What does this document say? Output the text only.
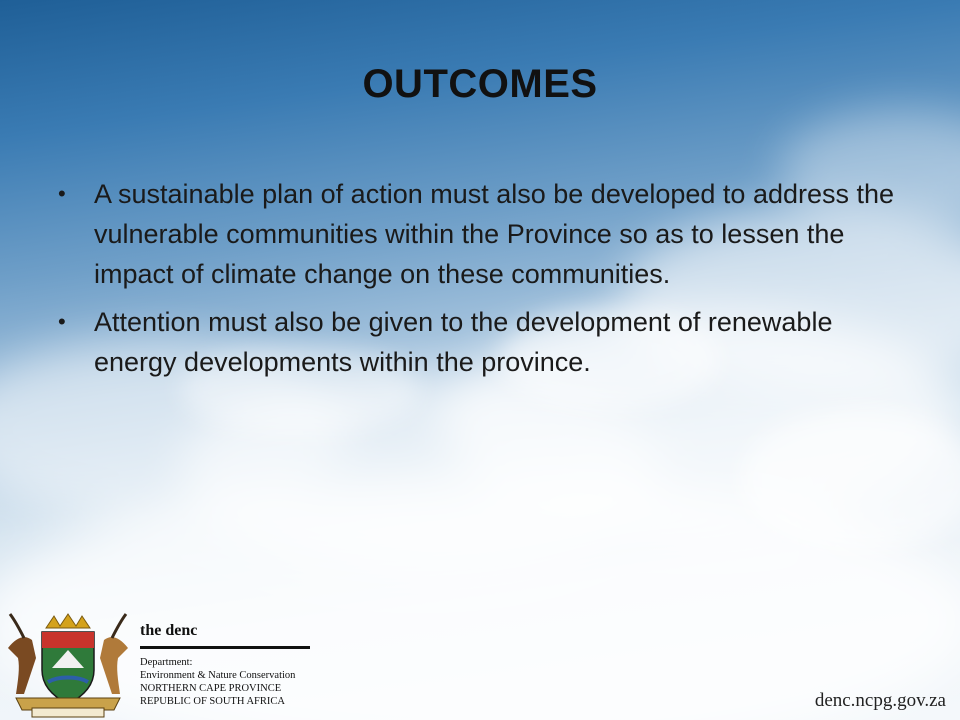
OUTCOMES
• A sustainable plan of action must also be developed to address the vulnerable communities within the Province so as to lessen the impact of climate change on these communities.
• Attention must also be given to the development of renewable energy developments within the province.
the denc
Department:
Environment & Nature Conservation
NORTHERN CAPE PROVINCE
REPUBLIC OF SOUTH AFRICA	denc.ncpg.gov.za
